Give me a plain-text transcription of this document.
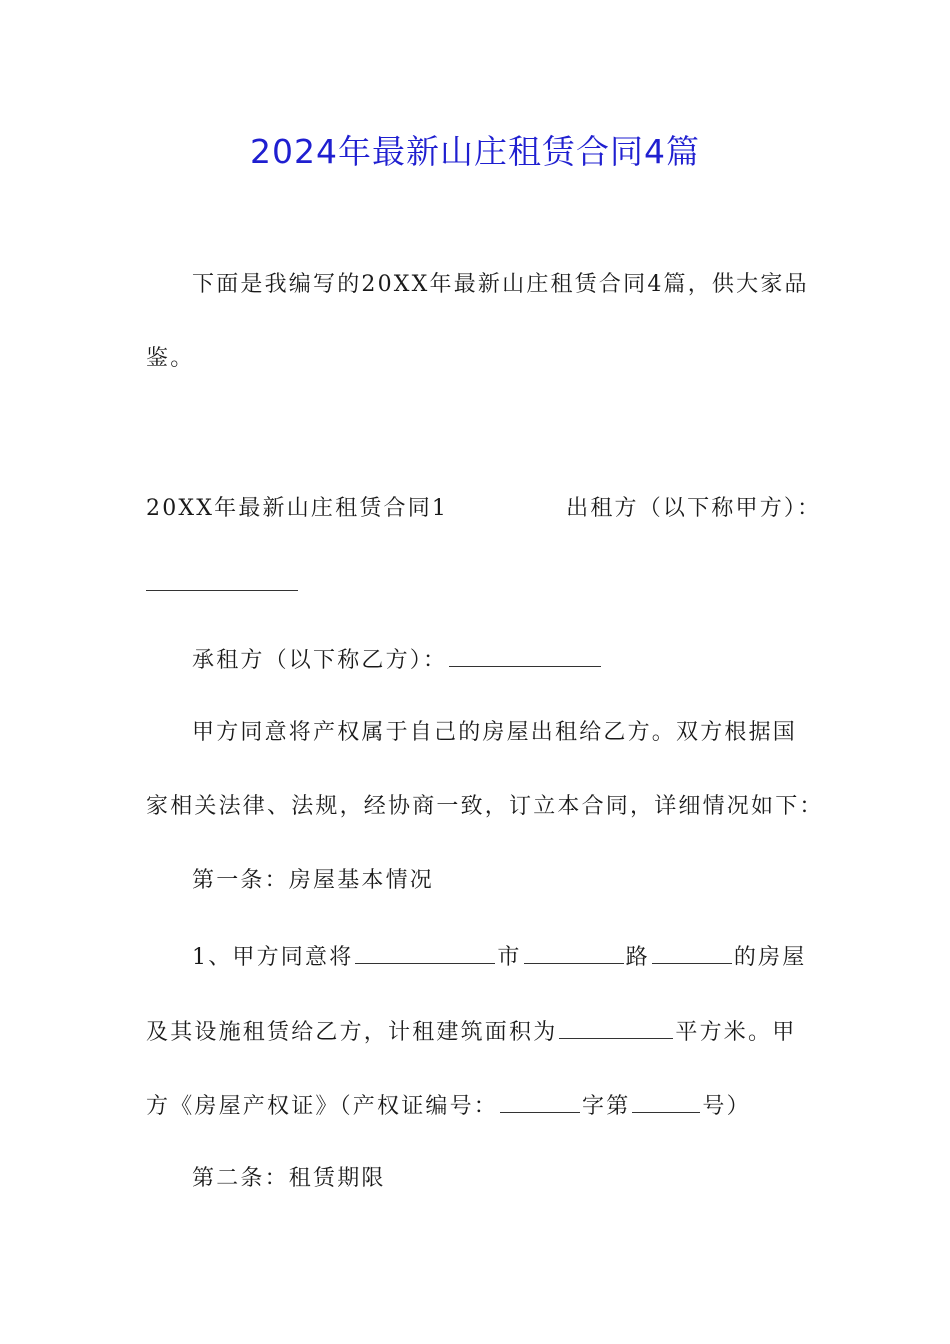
2024年最新山庄租赁合同4篇
下面是我编写的20XX年最新山庄租赁合同4篇，供大家品
鉴。
20XX年最新山庄租赁合同1	出租方（以下称甲方）：
承租方（以下称乙方）：
甲方同意将产权属于自己的房屋出租给乙方。双方根据国
家相关法律、法规，经协商一致，订立本合同，详细情况如下：
第一条：房屋基本情况
1、甲方同意将	市	路	的房屋
及其设施租赁给乙方，计租建筑面积为	平方米。甲
方《房屋产权证》（产权证编号：	字第	号）
第二条：租赁期限
